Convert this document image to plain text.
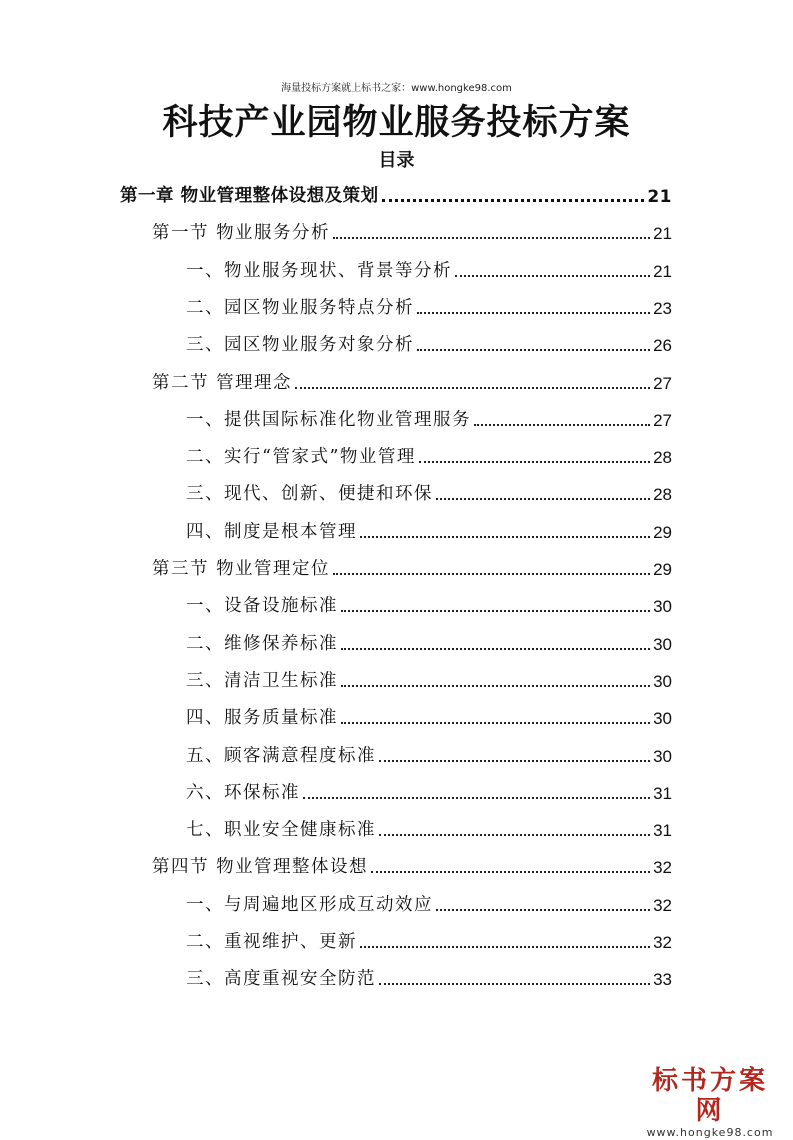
海量投标方案就上标书之家：www.hongke98.com
科技产业园物业服务投标方案
目录
第一章 物业管理整体设想及策划	21
第一节 物业服务分析	21
一、物业服务现状、背景等分析	21
二、园区物业服务特点分析	23
三、园区物业服务对象分析	26
第二节 管理理念	27
一、提供国际标准化物业管理服务	27
二、实行“管家式”物业管理	28
三、现代、创新、便捷和环保	28
四、制度是根本管理	29
第三节 物业管理定位	29
一、设备设施标准	30
二、维修保养标准	30
三、清洁卫生标准	30
四、服务质量标准	30
五、顾客满意程度标准	30
六、环保标准	31
七、职业安全健康标准	31
第四节 物业管理整体设想	32
一、与周遍地区形成互动效应	32
二、重视维护、更新	32
三、高度重视安全防范	33
标书方案网
www.hongke98.com
